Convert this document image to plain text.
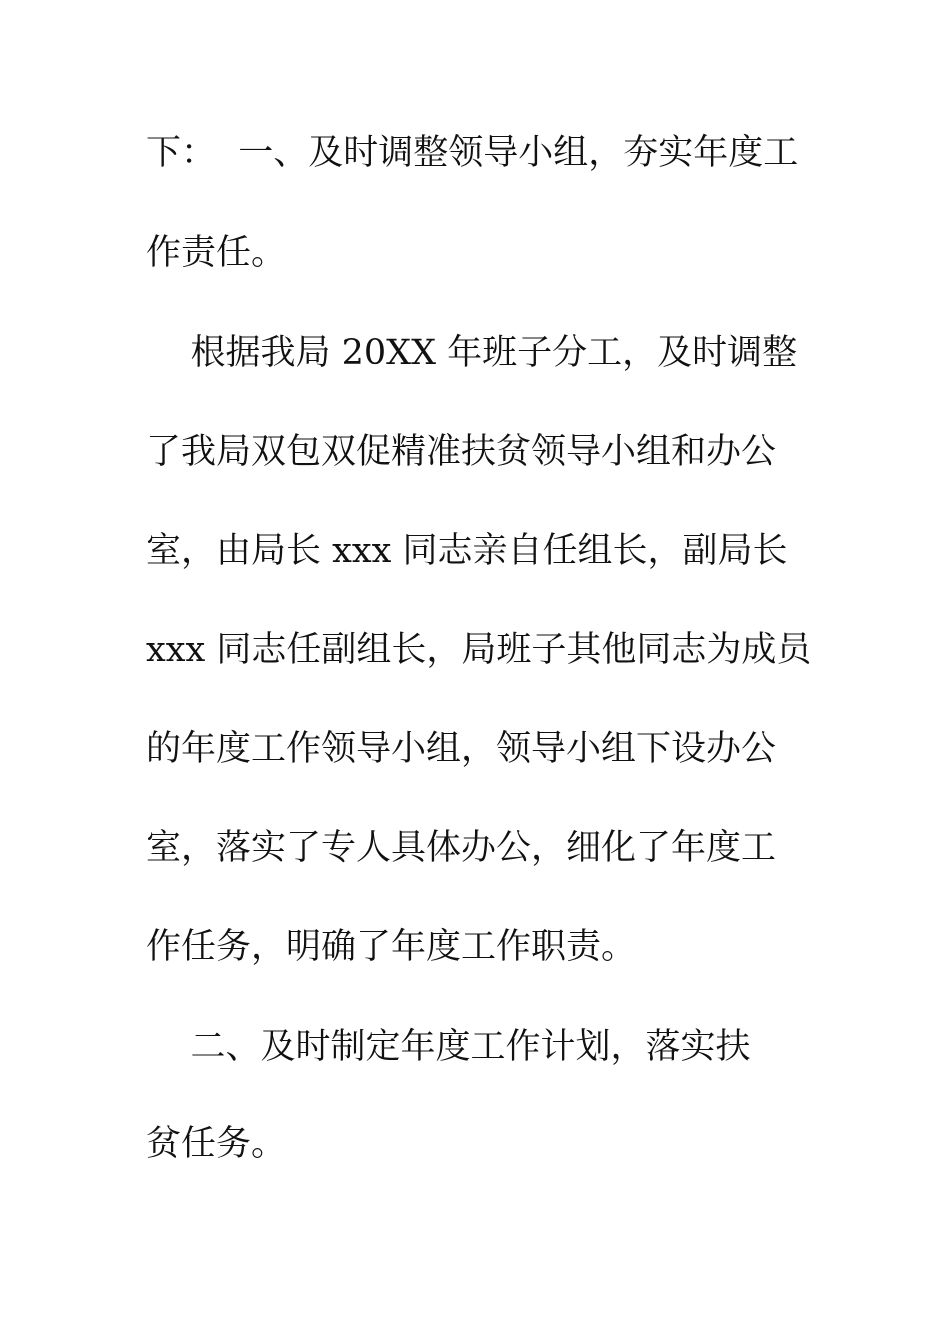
下：  一、及时调整领导小组，夯实年度工
作责任。
根据我局 20XX 年班子分工，及时调整
了我局双包双促精准扶贫领导小组和办公
室，由局长 xxx 同志亲自任组长，副局长
xxx 同志任副组长，局班子其他同志为成员
的年度工作领导小组，领导小组下设办公
室，落实了专人具体办公，细化了年度工
作任务，明确了年度工作职责。
二、及时制定年度工作计划，落实扶
贫任务。
